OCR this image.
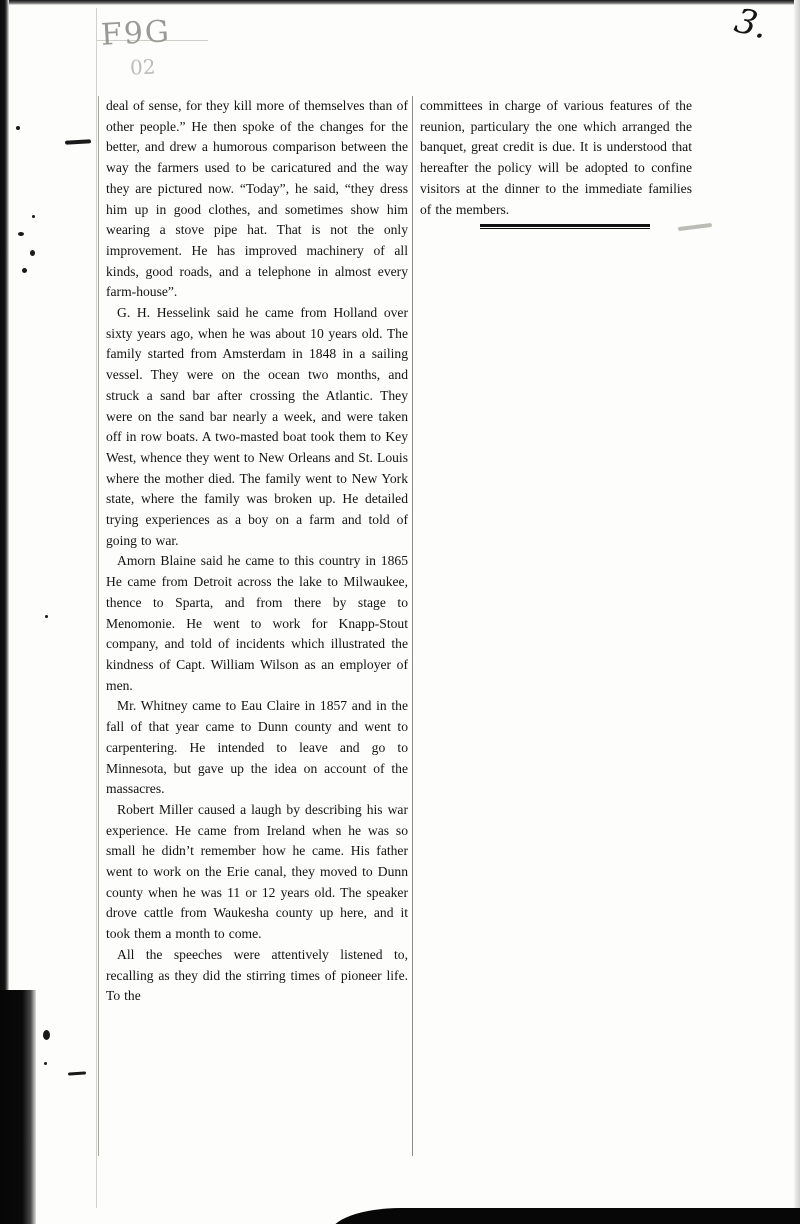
F9G
02
3.

deal of sense, for they kill more of themselves than of other people.” He then spoke of the changes for the better, and drew a humorous comparison between the way the farmers used to be caricatured and the way they are pictured now. “Today”, he said, “they dress him up in good clothes, and sometimes show him wearing a stove pipe hat. That is not the only improvement. He has improved machinery of all kinds, good roads, and a telephone in almost every farm-house”.

G. H. Hesselink said he came from Holland over sixty years ago, when he was about 10 years old. The family started from Amsterdam in 1848 in a sailing vessel. They were on the ocean two months, and struck a sand bar after crossing the Atlantic. They were on the sand bar nearly a week, and were taken off in row boats. A two-masted boat took them to Key West, whence they went to New Orleans and St. Louis where the mother died. The family went to New York state, where the family was broken up. He detailed trying experiences as a boy on a farm and told of going to war.

Amorn Blaine said he came to this country in 1865 He came from Detroit across the lake to Milwaukee, thence to Sparta, and from there by stage to Menomonie. He went to work for Knapp-Stout company, and told of incidents which illustrated the kindness of Capt. William Wilson as an employer of men.

Mr. Whitney came to Eau Claire in 1857 and in the fall of that year came to Dunn county and went to carpentering. He intended to leave and go to Minnesota, but gave up the idea on account of the massacres.

Robert Miller caused a laugh by describing his war experience. He came from Ireland when he was so small he didn’t remember how he came. His father went to work on the Erie canal, they moved to Dunn county when he was 11 or 12 years old. The speaker drove cattle from Waukesha county up here, and it took them a month to come.

All the speeches were attentively listened to, recalling as they did the stirring times of pioneer life. To the

committees in charge of various features of the reunion, particulary the one which arranged the banquet, great credit is due. It is understood that hereafter the policy will be adopted to confine visitors at the dinner to the immediate families of the members.
